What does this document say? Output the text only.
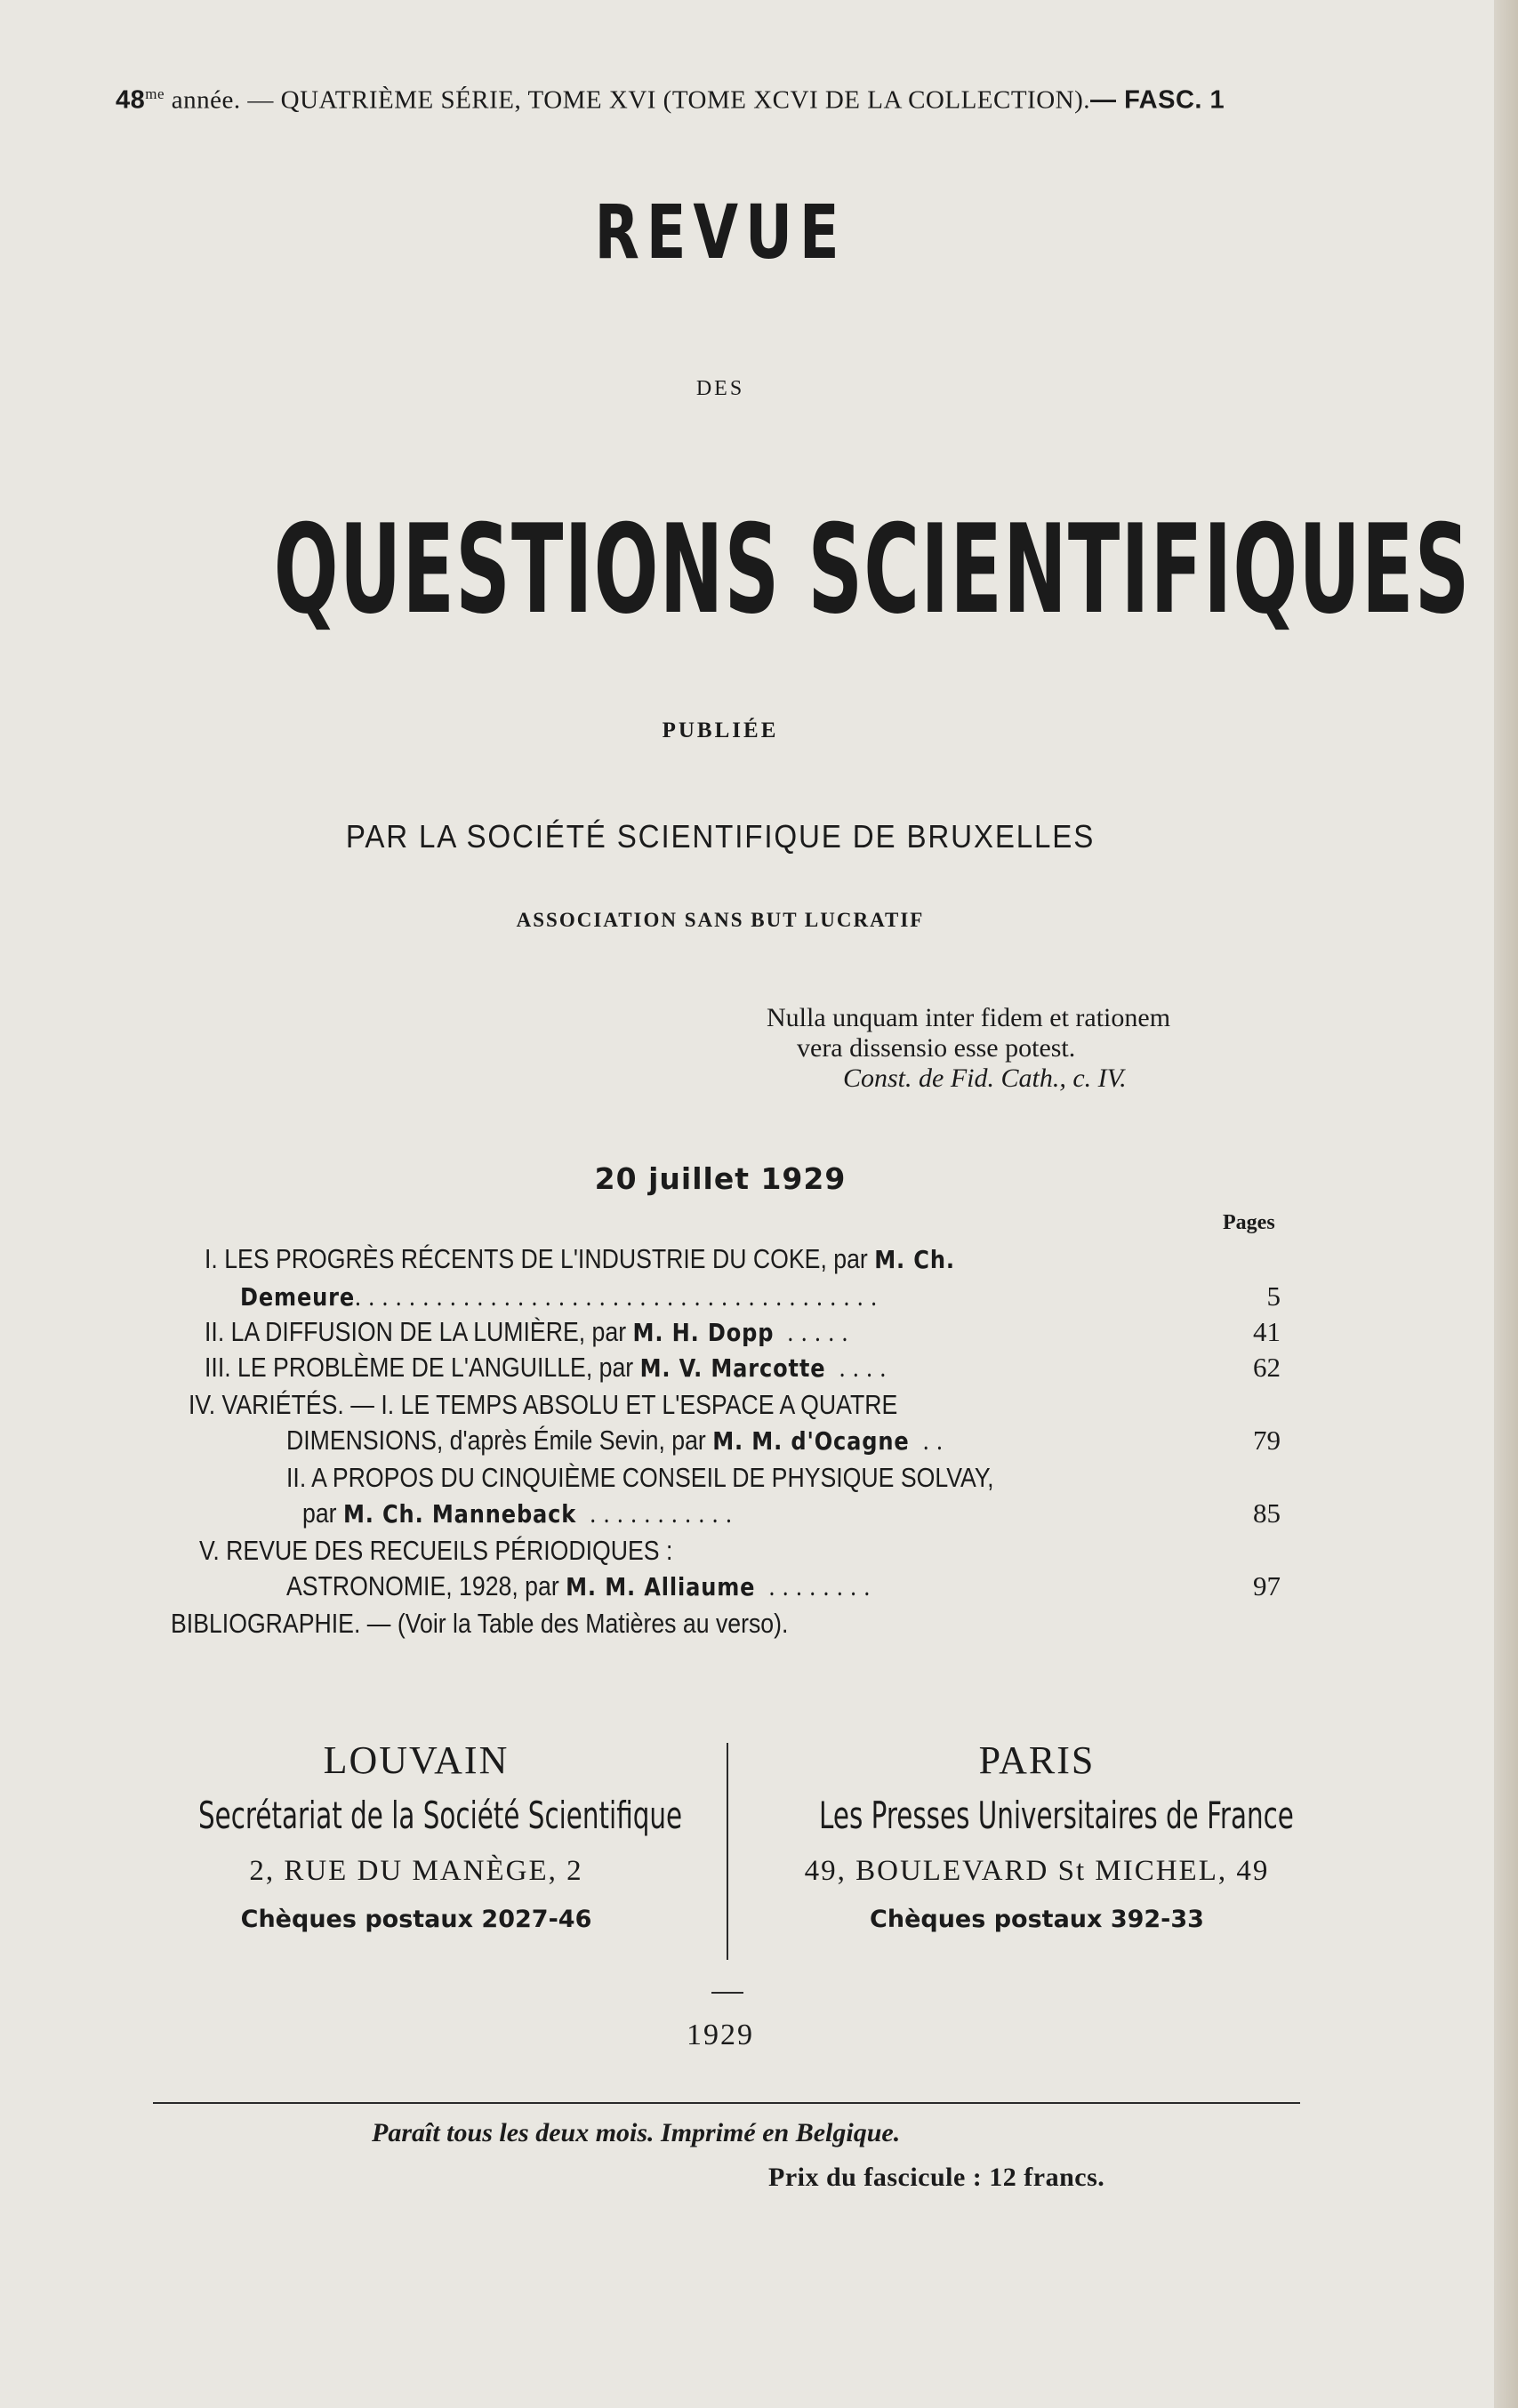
$48^{me}$ année. — QUATRIÈME SÉRIE, TOME XVI (TOME XCVI DE LA COLLECTION).— FASC. 1
REVUE
DES
QUESTIONS SCIENTIFIQUES
PUBLIÉE
PAR LA SOCIÉTÉ SCIENTIFIQUE DE BRUXELLES
ASSOCIATION SANS BUT LUCRATIF
Nulla unquam inter fidem et rationem
vera dissensio esse potest.
Const. de Fid. Cath., c. IV.
20 juillet 1929
Pages
I. LES PROGRÈS RÉCENTS DE L'INDUSTRIE DU COKE, par M. Ch.
Demeure.......................................	5
II. LA DIFFUSION DE LA LUMIÈRE, par M. H. Dopp .....	41
III. LE PROBLÈME DE L'ANGUILLE, par M. V. Marcotte ....	62
IV. VARIÉTÉS. — I. LE TEMPS ABSOLU ET L'ESPACE A QUATRE
DIMENSIONS, d'après Émile Sevin, par M. M. d'Ocagne ..	79
II. A PROPOS DU CINQUIÈME CONSEIL DE PHYSIQUE SOLVAY,
par M. Ch. Manneback ...........	85
V. REVUE DES RECUEILS PÉRIODIQUES :
ASTRONOMIE, 1928, par M. M. Alliaume ........	97
BIBLIOGRAPHIE. — (Voir la Table des Matières au verso).
LOUVAIN
Secrétariat de la Société Scientifique
2, RUE DU MANÈGE, 2
Chèques postaux 2027-46
PARIS
Les Presses Universitaires de France
49, BOULEVARD St MICHEL, 49
Chèques postaux 392-33
1929
Paraît tous les deux mois. Imprimé en Belgique.
Prix du fascicule : 12 francs.
